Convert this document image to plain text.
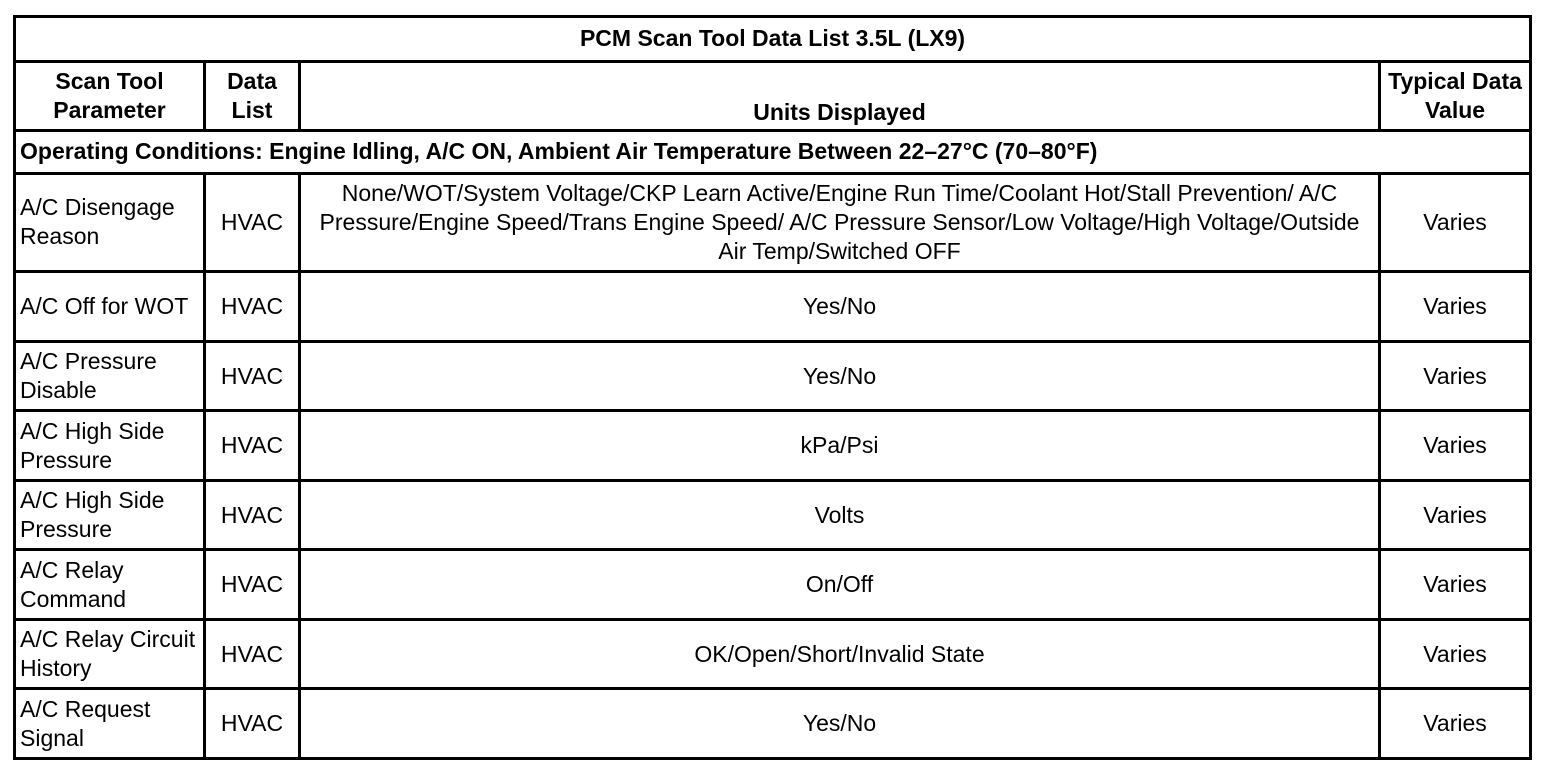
PCM Scan Tool Data List 3.5L (LX9)			
Scan Tool Parameter	Data List	Units Displayed	Typical Data Value
Operating Conditions: Engine Idling, A/C ON, Ambient Air Temperature Between 22–27°C (70–80°F)			
A/C Disengage Reason	HVAC	None/WOT/System Voltage/CKP Learn Active/Engine Run Time/Coolant Hot/Stall Prevention/ A/C Pressure/Engine Speed/Trans Engine Speed/ A/C Pressure Sensor/Low Voltage/High Voltage/Outside Air Temp/Switched OFF	Varies
A/C Off for WOT	HVAC	Yes/No	Varies
A/C Pressure Disable	HVAC	Yes/No	Varies
A/C High Side Pressure	HVAC	kPa/Psi	Varies
A/C High Side Pressure	HVAC	Volts	Varies
A/C Relay Command	HVAC	On/Off	Varies
A/C Relay Circuit History	HVAC	OK/Open/Short/Invalid State	Varies
A/C Request Signal	HVAC	Yes/No	Varies
